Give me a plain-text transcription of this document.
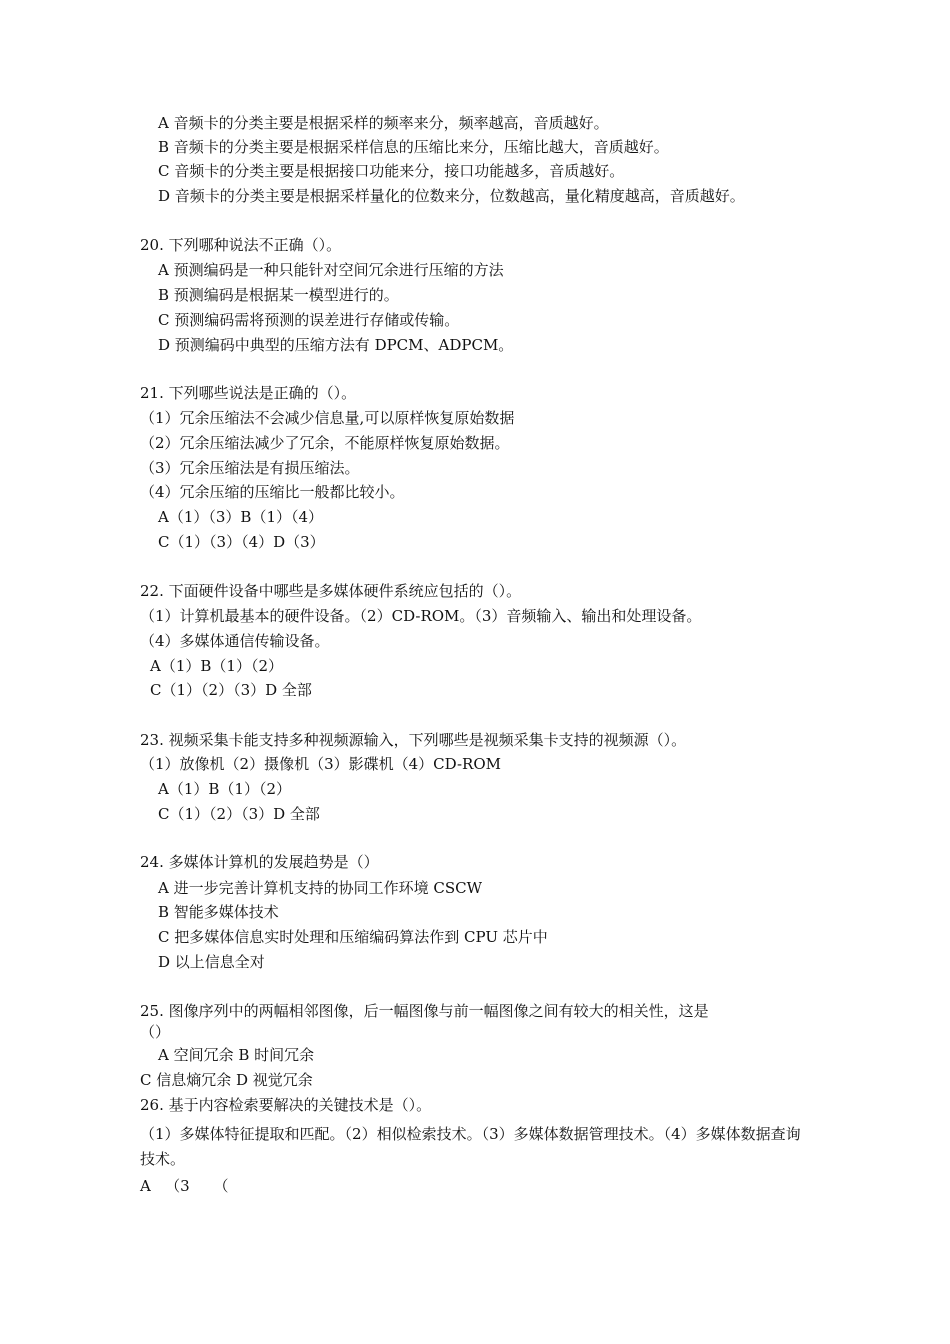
A 音频卡的分类主要是根据采样的频率来分，频率越高，音质越好。
B 音频卡的分类主要是根据采样信息的压缩比来分，压缩比越大，音质越好。
C 音频卡的分类主要是根据接口功能来分，接口功能越多，音质越好。
D 音频卡的分类主要是根据采样量化的位数来分，位数越高，量化精度越高，音质越好。
20. 下列哪种说法不正确（）。
A 预测编码是一种只能针对空间冗余进行压缩的方法
B 预测编码是根据某一模型进行的。
C 预测编码需将预测的误差进行存储或传输。
D 预测编码中典型的压缩方法有 DPCM、ADPCM。
21. 下列哪些说法是正确的（）。
（1）冗余压缩法不会减少信息量,可以原样恢复原始数据
（2）冗余压缩法减少了冗余，不能原样恢复原始数据。
（3）冗余压缩法是有损压缩法。
（4）冗余压缩的压缩比一般都比较小。
A（1）（3）B（1）（4）
C（1）（3）（4）D（3）
22. 下面硬件设备中哪些是多媒体硬件系统应包括的（）。
（1）计算机最基本的硬件设备。（2）CD-ROM。（3）音频输入、输出和处理设备。
（4）多媒体通信传输设备。
A（1）B（1）（2）
C（1）（2）（3）D 全部
23. 视频采集卡能支持多种视频源输入，下列哪些是视频采集卡支持的视频源（）。
（1）放像机（2）摄像机（3）影碟机（4）CD-ROM
A（1）B（1）（2）
C（1）（2）（3）D 全部
24. 多媒体计算机的发展趋势是（）
A 进一步完善计算机支持的协同工作环境 CSCW
B 智能多媒体技术
C 把多媒体信息实时处理和压缩编码算法作到 CPU 芯片中
D 以上信息全对
25. 图像序列中的两幅相邻图像，后一幅图像与前一幅图像之间有较大的相关性，这是
（）
A 空间冗余 B 时间冗余
C 信息熵冗余 D 视觉冗余
26. 基于内容检索要解决的关键技术是（）。
（1）多媒体特征提取和匹配。（2）相似检索技术。（3）多媒体数据管理技术。（4）多媒体数据查询技术。
A   （3     （
